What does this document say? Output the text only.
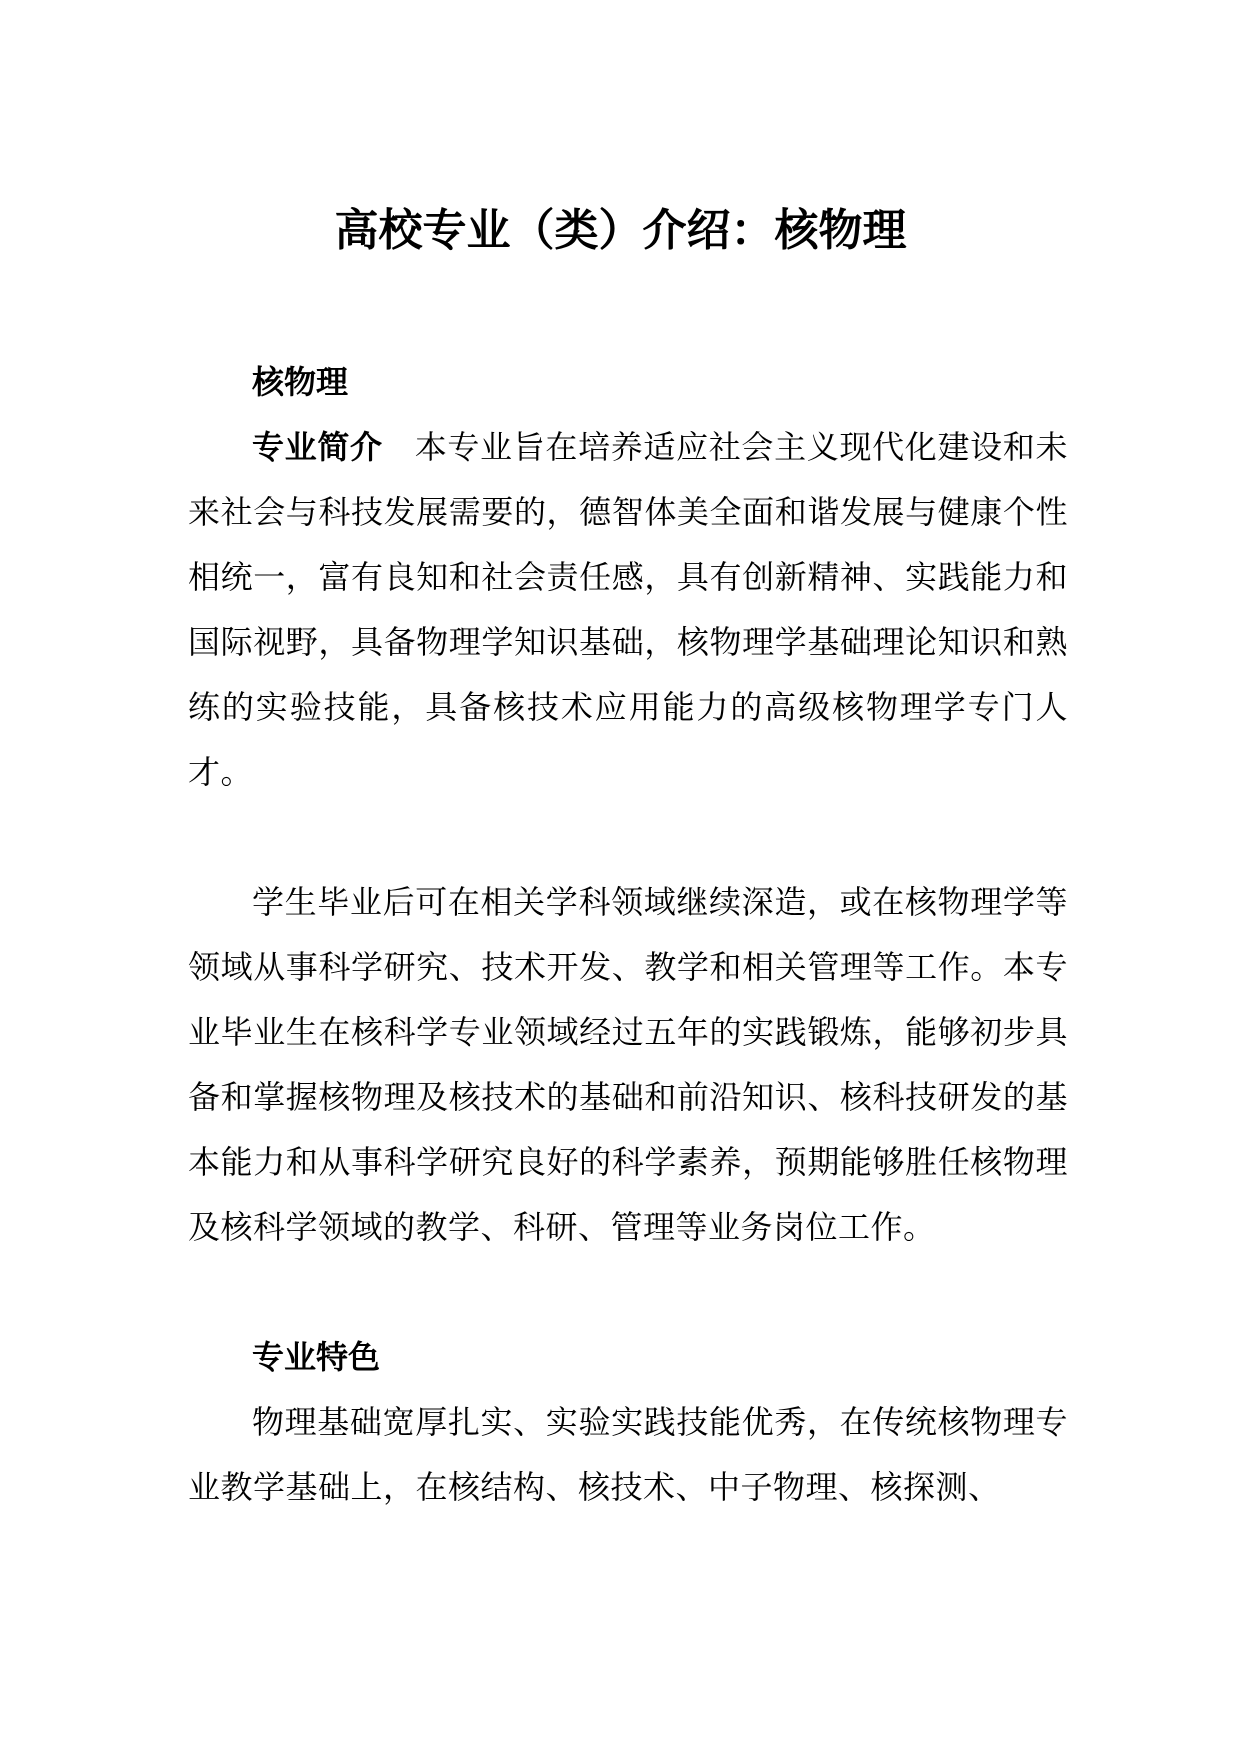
高校专业（类）介绍：核物理

核物理

专业简介 本专业旨在培养适应社会主义现代化建设和未来社会与科技发展需要的，德智体美全面和谐发展与健康个性相统一，富有良知和社会责任感，具有创新精神、实践能力和国际视野，具备物理学知识基础，核物理学基础理论知识和熟练的实验技能，具备核技术应用能力的高级核物理学专门人才。

学生毕业后可在相关学科领域继续深造，或在核物理学等领域从事科学研究、技术开发、教学和相关管理等工作。本专业毕业生在核科学专业领域经过五年的实践锻炼，能够初步具备和掌握核物理及核技术的基础和前沿知识、核科技研发的基本能力和从事科学研究良好的科学素养，预期能够胜任核物理及核科学领域的教学、科研、管理等业务岗位工作。

专业特色

物理基础宽厚扎实、实验实践技能优秀，在传统核物理专业教学基础上，在核结构、核技术、中子物理、核探测、
